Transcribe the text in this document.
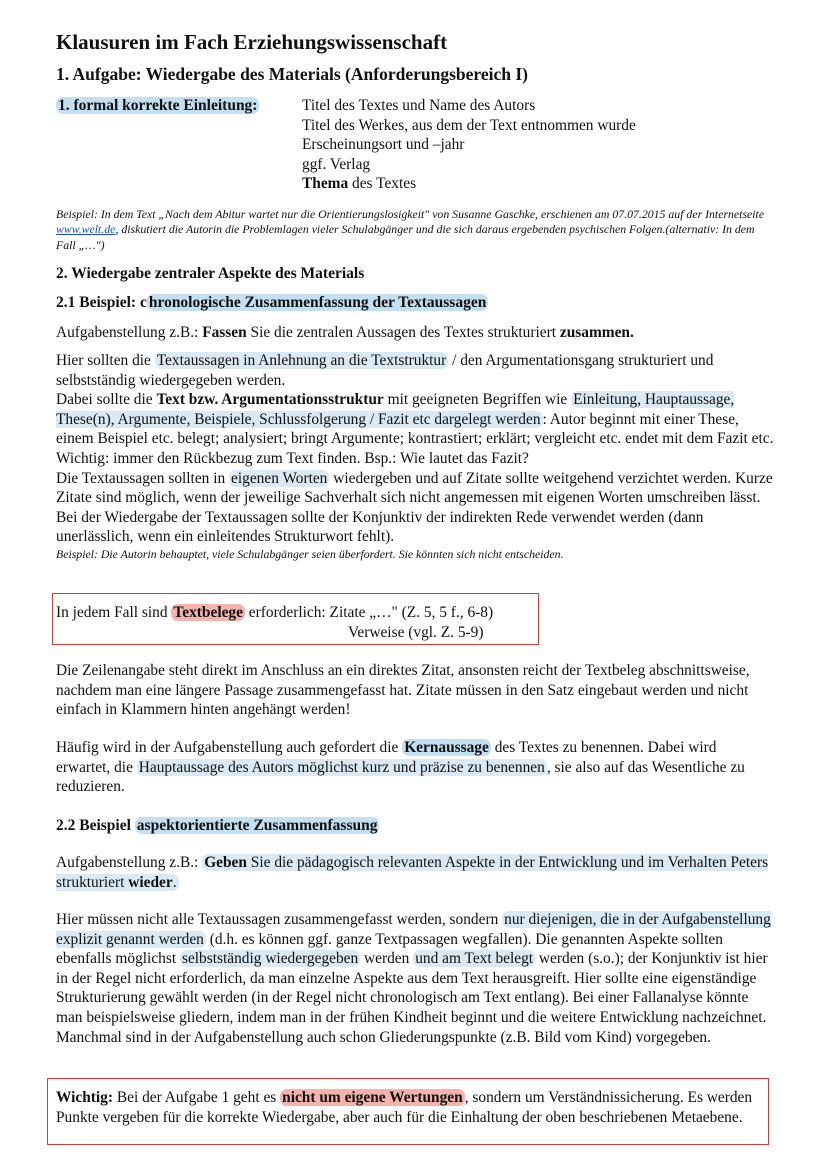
Klausuren im Fach Erziehungswissenschaft
1. Aufgabe: Wiedergabe des Materials (Anforderungsbereich I)
1. formal korrekte Einleitung:	Titel des Textes und Name des Autors
Titel des Werkes, aus dem der Text entnommen wurde
Erscheinungsort und –jahr
ggf. Verlag
Thema des Textes

Beispiel: In dem Text „Nach dem Abitur wartet nur die Orientierungslosigkeit" von Susanne Gaschke, erschienen am 07.07.2015 auf der Internetseite www.welt.de, diskutiert die Autorin die Problemlagen vieler Schulabgänger und die sich daraus ergebenden psychischen Folgen.(alternativ: In dem Fall „…")

2. Wiedergabe zentraler Aspekte des Materials
2.1 Beispiel: c hronologische Zusammenfassung der Textaussagen

Aufgabenstellung z.B.: Fassen Sie die zentralen Aussagen des Textes strukturiert zusammen.

Hier sollten die Textaussagen in Anlehnung an die Textstruktur / den Argumentationsgang strukturiert und selbstständig wiedergegeben werden.

Dabei sollte die Text bzw. Argumentationsstruktur mit geeigneten Begriffen wie Einleitung, Hauptaussage, These(n), Argumente, Beispiele, Schlussfolgerung / Fazit etc dargelegt werden : Autor beginnt mit einer These, einem Beispiel etc. belegt; analysiert; bringt Argumente; kontrastiert; erklärt; vergleicht etc. endet mit dem Fazit etc. Wichtig: immer den Rückbezug zum Text finden. Bsp.: Wie lautet das Fazit?

Die Textaussagen sollten in eigenen Worten wiedergeben und auf Zitate sollte weitgehend verzichtet werden. Kurze Zitate sind möglich, wenn der jeweilige Sachverhalt sich nicht angemessen mit eigenen Worten umschreiben lässt. Bei der Wiedergabe der Textaussagen sollte der Konjunktiv der indirekten Rede verwendet werden (dann unerlässlich, wenn ein einleitendes Strukturwort fehlt).

Beispiel: Die Autorin behauptet, viele Schulabgänger seien überfordert. Sie könnten sich nicht entscheiden.

In jedem Fall sind Textbelege erforderlich: Zitate „…" (Z. 5, 5 f., 6-8)

Verweise (vgl. Z. 5-9)

Die Zeilenangabe steht direkt im Anschluss an ein direktes Zitat, ansonsten reicht der Textbeleg abschnittsweise, nachdem man eine längere Passage zusammengefasst hat. Zitate müssen in den Satz eingebaut werden und nicht einfach in Klammern hinten angehängt werden!

Häufig wird in der Aufgabenstellung auch gefordert die Kernaussage des Textes zu benennen. Dabei wird erwartet, die Hauptaussage des Autors möglichst kurz und präzise zu benennen , sie also auf das Wesentliche zu reduzieren.

2.2 Beispiel aspektorientierte Zusammenfassung

Aufgabenstellung z.B.: Geben Sie die pädagogisch relevanten Aspekte in der Entwicklung und im Verhalten Peters strukturiert wieder.

Hier müssen nicht alle Textaussagen zusammengefasst werden, sondern nur diejenigen, die in der Aufgabenstellung explizit genannt werden (d.h. es können ggf. ganze Textpassagen wegfallen). Die genannten Aspekte sollten ebenfalls möglichst selbstständig wiedergegeben werden und am Text belegt werden (s.o.); der Konjunktiv ist hier in der Regel nicht erforderlich, da man einzelne Aspekte aus dem Text herausgreift. Hier sollte eine eigenständige Strukturierung gewählt werden (in der Regel nicht chronologisch am Text entlang). Bei einer Fallanalyse könnte man beispielsweise gliedern, indem man in der frühen Kindheit beginnt und die weitere Entwicklung nachzeichnet. Manchmal sind in der Aufgabenstellung auch schon Gliederungspunkte (z.B. Bild vom Kind) vorgegeben.

Wichtig: Bei der Aufgabe 1 geht es nicht um eigene Wertungen , sondern um Verständnissicherung. Es werden Punkte vergeben für die korrekte Wiedergabe, aber auch für die Einhaltung der oben beschriebenen Metaebene.
